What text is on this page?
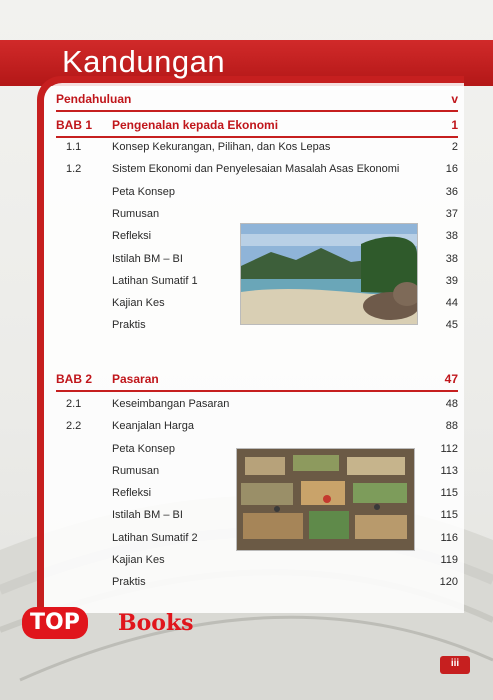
Kandungan
Pendahuluan	v
BAB 1 Pengenalan kepada Ekonomi	1
1.1	Konsep Kekurangan, Pilihan, dan Kos Lepas	2
1.2	Sistem Ekonomi dan Penyelesaian Masalah Asas Ekonomi	16
Peta Konsep	36
Rumusan	37
Refleksi	38
Istilah BM – BI	38
Latihan Sumatif 1	39
Kajian Kes	44
Praktis	45
BAB 2 Pasaran	47
2.1	Keseimbangan Pasaran	48
2.2	Keanjalan Harga	88
Peta Konsep	112
Rumusan	113
Refleksi	115
Istilah BM – BI	115
Latihan Sumatif 2	116
Kajian Kes	119
Praktis	120
iii
TOP	Books
